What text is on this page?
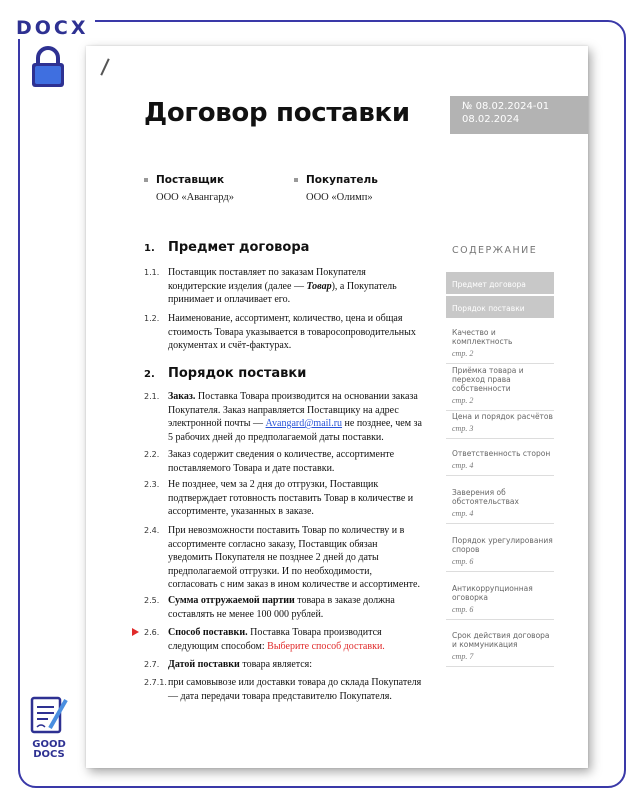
DOCX
GOOD
DOCS
Договор поставки	№ 08.02.2024-01
08.02.2024
Поставщик
ООО «Авангард»
Покупатель
ООО «Олимп»
1. Предмет договора
1.1. Поставщик поставляет по заказам Покупателя кондитерские изделия (далее — Товар), а Покупатель принимает и оплачивает его.
1.2. Наименование, ассортимент, количество, цена и общая стоимость Товара указывается в товаросопроводительных документах и счёт-фактурах.
2. Порядок поставки
2.1. Заказ. Поставка Товара производится на основании заказа Покупателя. Заказ направляется Поставщику на адрес электронной почты — Avangard@mail.ru не позднее, чем за 5 рабочих дней до предполагаемой даты поставки.
2.2. Заказ содержит сведения о количестве, ассортименте поставляемого Товара и дате поставки.
2.3. Не позднее, чем за 2 дня до отгрузки, Поставщик подтверждает готовность поставить Товар в количестве и ассортименте, указанных в заказе.
2.4. При невозможности поставить Товар по количеству и в ассортименте согласно заказу, Поставщик обязан уведомить Покупателя не позднее 2 дней до даты предполагаемой отгрузки. И по необходимости, согласовать с ним заказ в ином количестве и ассортименте.
2.5. Сумма отгружаемой партии товара в заказе должна составлять не менее 100 000 рублей.
2.6. Способ поставки. Поставка Товара производится следующим способом: Выберите способ доставки.
2.7. Датой поставки товара является:
2.7.1. при самовывозе или доставки товара до склада Покупателя — дата передачи товара представителю Покупателя.
СОДЕРЖАНИЕ
Предмет договора
Порядок поставки
Качество и комплектность
стр. 2
Приёмка товара и переход права собственности
стр. 2
Цена и порядок расчётов
стр. 3
Ответственность сторон
стр. 4
Заверения об обстоятельствах
стр. 4
Порядок урегулирования споров
стр. 6
Антикоррупционная оговорка
стр. 6
Срок действия договора и коммуникация
стр. 7
